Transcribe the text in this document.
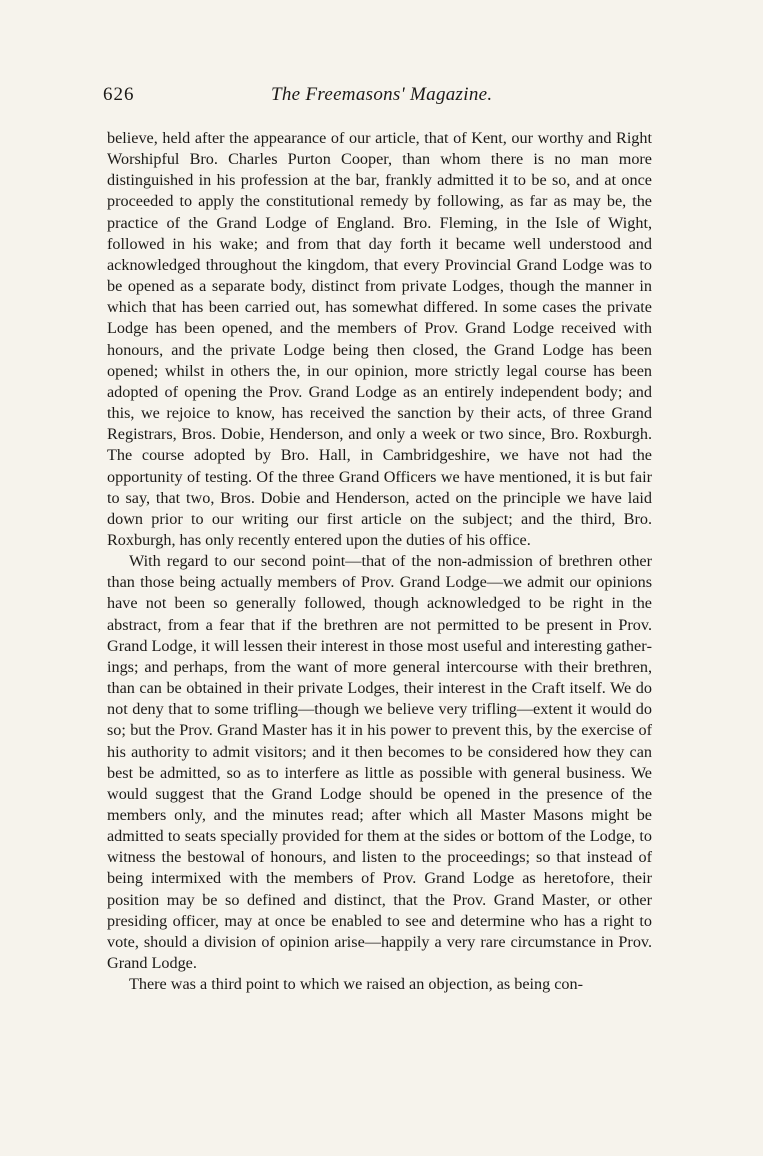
626	The Freemasons' Magazine.

believe, held after the appearance of our article, that of Kent, our worthy and Right Worshipful Bro. Charles Purton Cooper, than whom there is no man more distinguished in his profession at the bar, frankly admitted it to be so, and at once proceeded to apply the constitutional remedy by following, as far as may be, the practice of the Grand Lodge of England. Bro. Fleming, in the Isle of Wight, followed in his wake; and from that day forth it became well understood and acknowledged throughout the kingdom, that every Provincial Grand Lodge was to be opened as a separate body, distinct from private Lodges, though the manner in which that has been carried out, has somewhat differed. In some cases the private Lodge has been opened, and the members of Prov. Grand Lodge received with honours, and the private Lodge being then closed, the Grand Lodge has been opened; whilst in others the, in our opinion, more strictly legal course has been adopted of opening the Prov. Grand Lodge as an entirely independent body; and this, we rejoice to know, has received the sanction by their acts, of three Grand Registrars, Bros. Dobie, Henderson, and only a week or two since, Bro. Roxburgh. The course adopted by Bro. Hall, in Cambridgeshire, we have not had the opportunity of testing. Of the three Grand Officers we have mentioned, it is but fair to say, that two, Bros. Dobie and Henderson, acted on the principle we have laid down prior to our writing our first article on the subject; and the third, Bro. Roxburgh, has only recently entered upon the duties of his office.

With regard to our second point—that of the non-admission of brethren other than those being actually members of Prov. Grand Lodge—we admit our opinions have not been so generally followed, though acknowledged to be right in the abstract, from a fear that if the brethren are not permitted to be present in Prov. Grand Lodge, it will lessen their interest in those most useful and interesting gatherings; and perhaps, from the want of more general intercourse with their brethren, than can be obtained in their private Lodges, their interest in the Craft itself. We do not deny that to some trifling—though we believe very trifling—extent it would do so; but the Prov. Grand Master has it in his power to prevent this, by the exercise of his authority to admit visitors; and it then becomes to be considered how they can best be admitted, so as to interfere as little as possible with general business. We would suggest that the Grand Lodge should be opened in the presence of the members only, and the minutes read; after which all Master Masons might be admitted to seats specially provided for them at the sides or bottom of the Lodge, to witness the bestowal of honours, and listen to the proceedings; so that instead of being intermixed with the members of Prov. Grand Lodge as heretofore, their position may be so defined and distinct, that the Prov. Grand Master, or other presiding officer, may at once be enabled to see and determine who has a right to vote, should a division of opinion arise—happily a very rare circumstance in Prov. Grand Lodge.

There was a third point to which we raised an objection, as being con-
